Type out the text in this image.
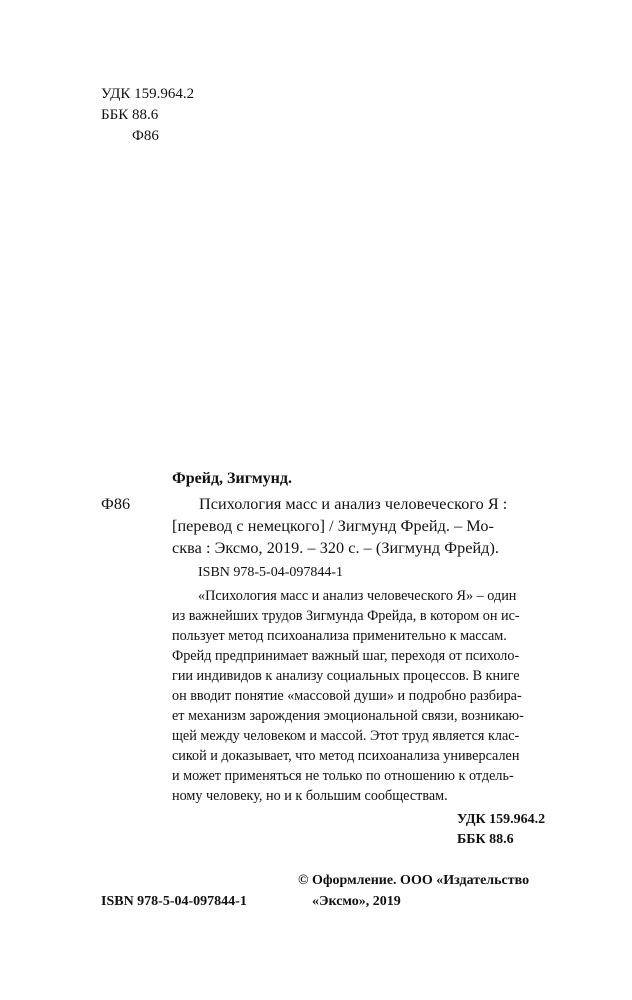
УДК 159.964.2
ББК 88.6
Ф86
Фрейд, Зигмунд.
Ф86	Психология масс и анализ человеческого Я :
[перевод с немецкого] / Зигмунд Фрейд. – Мо-
сква : Эксмо, 2019. – 320 с. – (Зигмунд Фрейд).
ISBN 978-5-04-097844-1
«Психология масс и анализ человеческого Я» – один
из важнейших трудов Зигмунда Фрейда, в котором он ис-
пользует метод психоанализа применительно к массам.
Фрейд предпринимает важный шаг, переходя от психоло-
гии индивидов к анализу социальных процессов. В книге
он вводит понятие «массовой души» и подробно разбира-
ет механизм зарождения эмоциональной связи, возникаю-
щей между человеком и массой. Этот труд является клас-
сикой и доказывает, что метод психоанализа универсален
и может применяться не только по отношению к отдель-
ному человеку, но и к большим сообществам.
УДК 159.964.2
ББК 88.6
© Оформление. ООО «Издательство
«Эксмо», 2019
ISBN 978-5-04-097844-1
